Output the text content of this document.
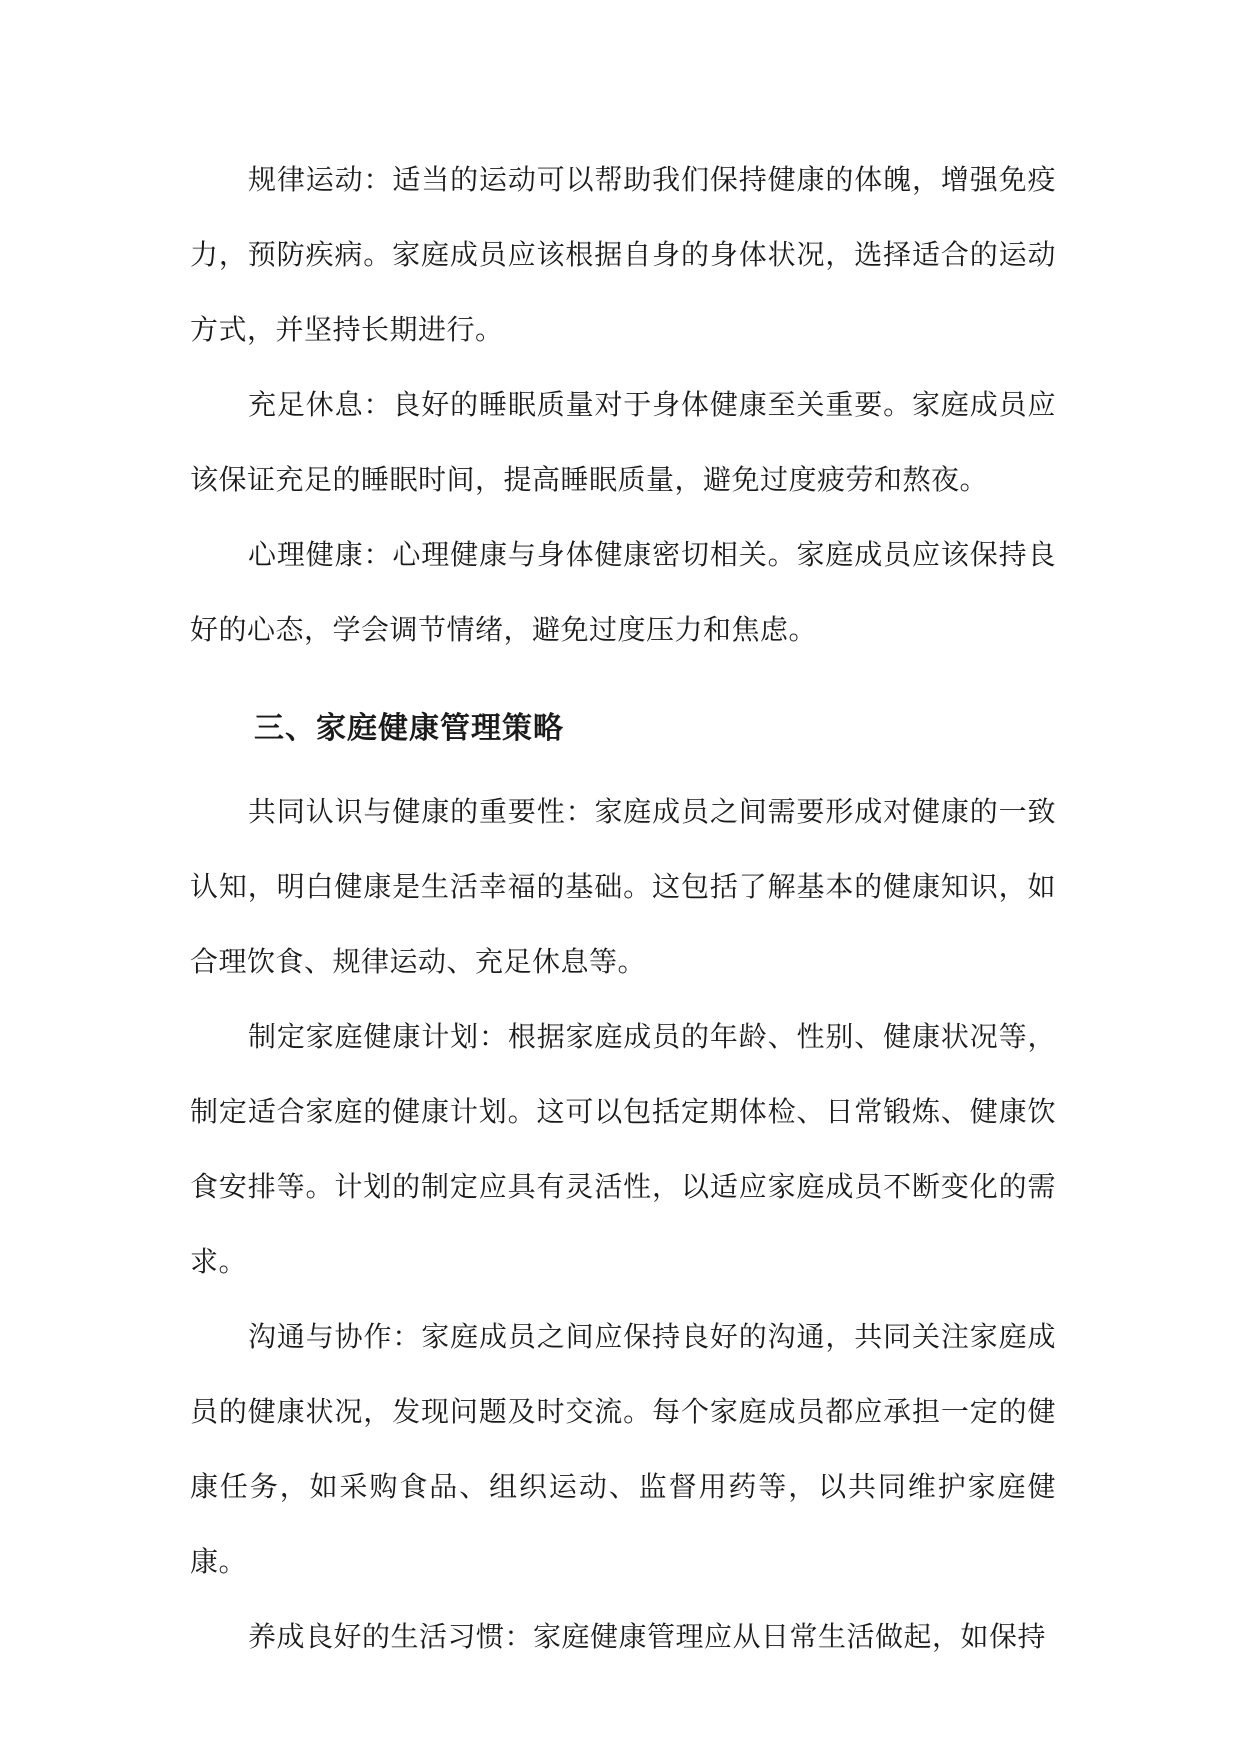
规律运动：适当的运动可以帮助我们保持健康的体魄，增强免疫力，预防疾病。家庭成员应该根据自身的身体状况，选择适合的运动方式，并坚持长期进行。

充足休息：良好的睡眠质量对于身体健康至关重要。家庭成员应该保证充足的睡眠时间，提高睡眠质量，避免过度疲劳和熬夜。

心理健康：心理健康与身体健康密切相关。家庭成员应该保持良好的心态，学会调节情绪，避免过度压力和焦虑。

三、家庭健康管理策略

共同认识与健康的重要性：家庭成员之间需要形成对健康的一致认知，明白健康是生活幸福的基础。这包括了解基本的健康知识，如合理饮食、规律运动、充足休息等。

制定家庭健康计划：根据家庭成员的年龄、性别、健康状况等，制定适合家庭的健康计划。这可以包括定期体检、日常锻炼、健康饮食安排等。计划的制定应具有灵活性，以适应家庭成员不断变化的需求。

沟通与协作：家庭成员之间应保持良好的沟通，共同关注家庭成员的健康状况，发现问题及时交流。每个家庭成员都应承担一定的健康任务，如采购食品、组织运动、监督用药等，以共同维护家庭健康。

养成良好的生活习惯：家庭健康管理应从日常生活做起，如保持
